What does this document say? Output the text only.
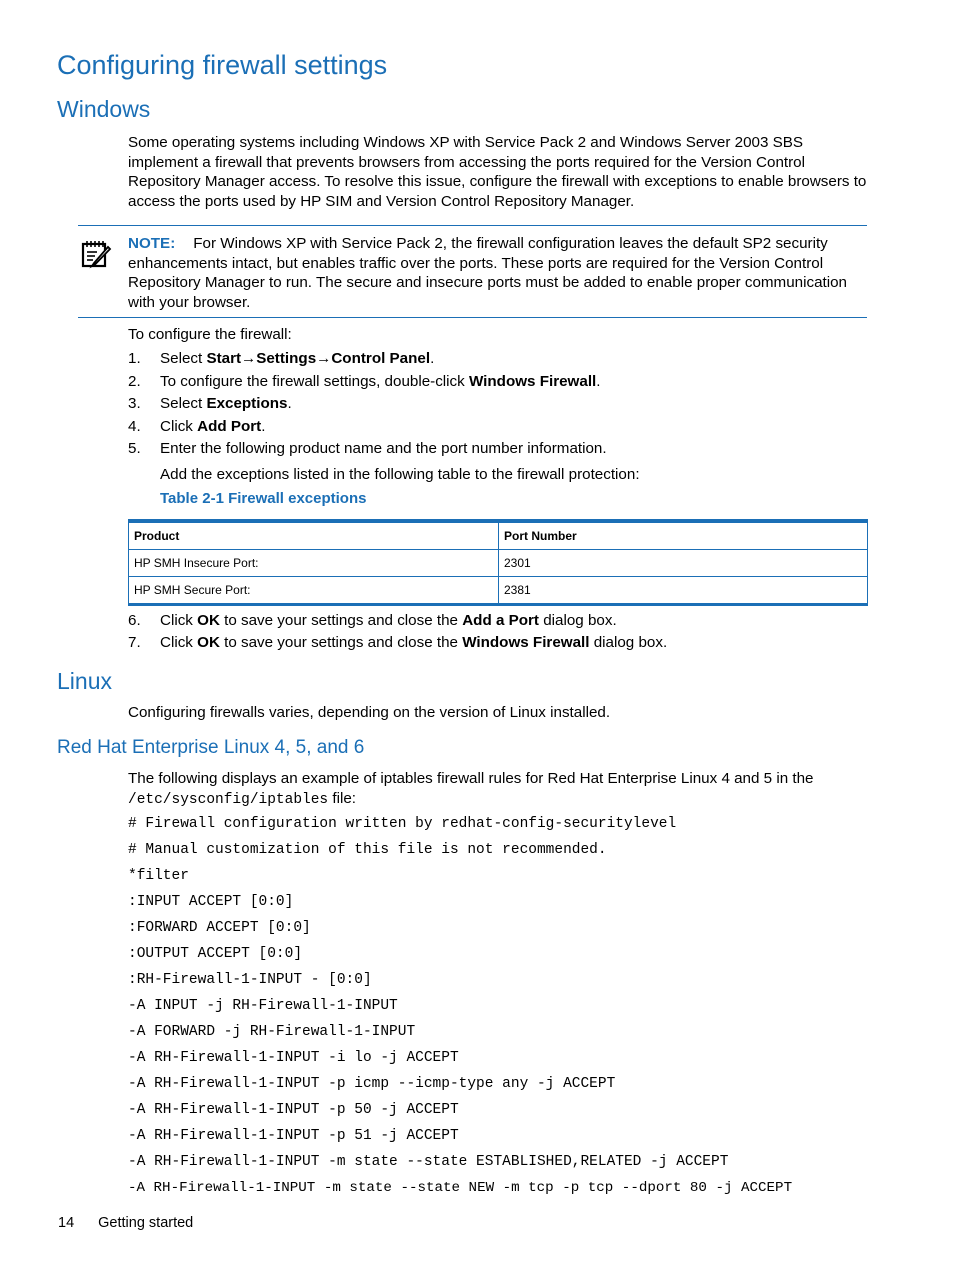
Configuring firewall settings
Windows
Some operating systems including Windows XP with Service Pack 2 and Windows Server 2003 SBS implement a firewall that prevents browsers from accessing the ports required for the Version Control Repository Manager access. To resolve this issue, configure the firewall with exceptions to enable browsers to access the ports used by HP SIM and Version Control Repository Manager.
NOTE: For Windows XP with Service Pack 2, the firewall configuration leaves the default SP2 security enhancements intact, but enables traffic over the ports. These ports are required for the Version Control Repository Manager to run. The secure and insecure ports must be added to enable proper communication with your browser.
To configure the firewall:
1. Select Start→Settings→Control Panel.
2. To configure the firewall settings, double-click Windows Firewall.
3. Select Exceptions.
4. Click Add Port.
5. Enter the following product name and the port number information.
Add the exceptions listed in the following table to the firewall protection:
Table 2-1 Firewall exceptions
Product	Port Number
HP SMH Insecure Port:	2301
HP SMH Secure Port:	2381
6. Click OK to save your settings and close the Add a Port dialog box.
7. Click OK to save your settings and close the Windows Firewall dialog box.
Linux
Configuring firewalls varies, depending on the version of Linux installed.
Red Hat Enterprise Linux 4, 5, and 6
The following displays an example of iptables firewall rules for Red Hat Enterprise Linux 4 and 5 in the
/etc/sysconfig/iptables file:
# Firewall configuration written by redhat-config-securitylevel
# Manual customization of this file is not recommended.
*filter
:INPUT ACCEPT [0:0]
:FORWARD ACCEPT [0:0]
:OUTPUT ACCEPT [0:0]
:RH-Firewall-1-INPUT - [0:0]
-A INPUT -j RH-Firewall-1-INPUT
-A FORWARD -j RH-Firewall-1-INPUT
-A RH-Firewall-1-INPUT -i lo -j ACCEPT
-A RH-Firewall-1-INPUT -p icmp --icmp-type any -j ACCEPT
-A RH-Firewall-1-INPUT -p 50 -j ACCEPT
-A RH-Firewall-1-INPUT -p 51 -j ACCEPT
-A RH-Firewall-1-INPUT -m state --state ESTABLISHED,RELATED -j ACCEPT
-A RH-Firewall-1-INPUT -m state --state NEW -m tcp -p tcp --dport 80 -j ACCEPT
14 Getting started
